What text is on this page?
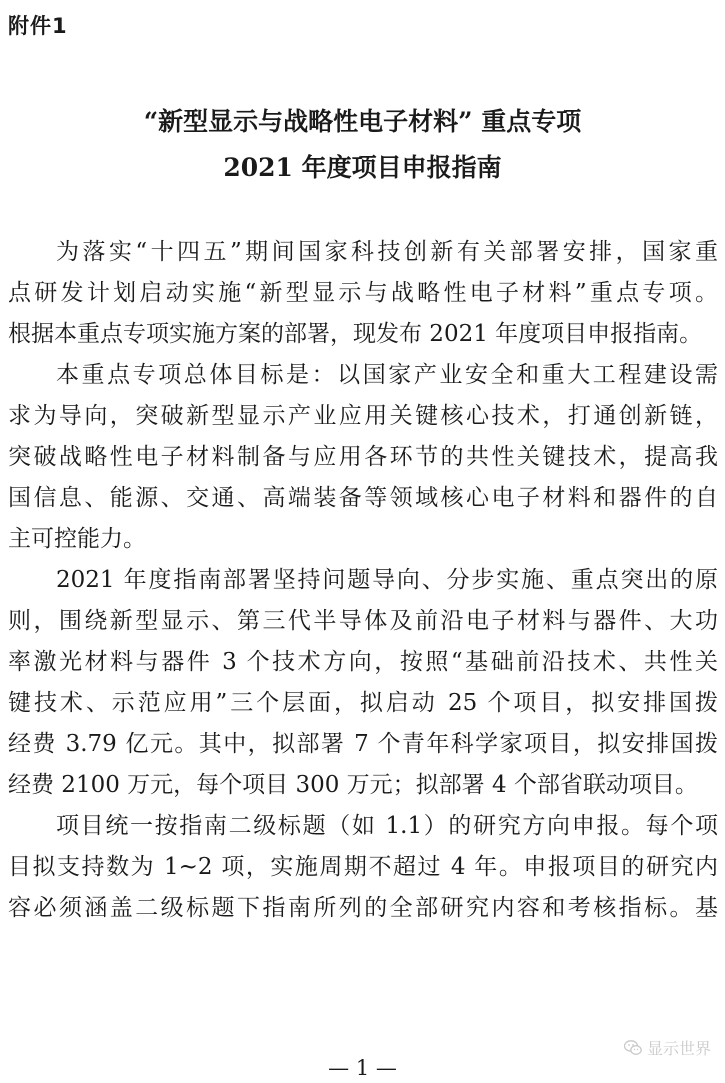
附件1
“新型显示与战略性电子材料” 重点专项
2021 年度项目申报指南
为落实“十四五”期间国家科技创新有关部署安排，国家重
点研发计划启动实施“新型显示与战略性电子材料”重点专项。
根据本重点专项实施方案的部署，现发布 2021 年度项目申报指南。
本重点专项总体目标是：以国家产业安全和重大工程建设需
求为导向，突破新型显示产业应用关键核心技术，打通创新链，
突破战略性电子材料制备与应用各环节的共性关键技术，提高我
国信息、能源、交通、高端装备等领域核心电子材料和器件的自
主可控能力。
2021 年度指南部署坚持问题导向、分步实施、重点突出的原
则，围绕新型显示、第三代半导体及前沿电子材料与器件、大功
率激光材料与器件 3 个技术方向，按照“基础前沿技术、共性关
键技术、示范应用”三个层面，拟启动 25 个项目，拟安排国拨
经费 3.79 亿元。其中，拟部署 7 个青年科学家项目，拟安排国拨
经费 2100 万元，每个项目 300 万元；拟部署 4 个部省联动项目。
项目统一按指南二级标题（如 1.1）的研究方向申报。每个项
目拟支持数为 1~2 项，实施周期不超过 4 年。申报项目的研究内
容必须涵盖二级标题下指南所列的全部研究内容和考核指标。基
显示世界
— 1 —
